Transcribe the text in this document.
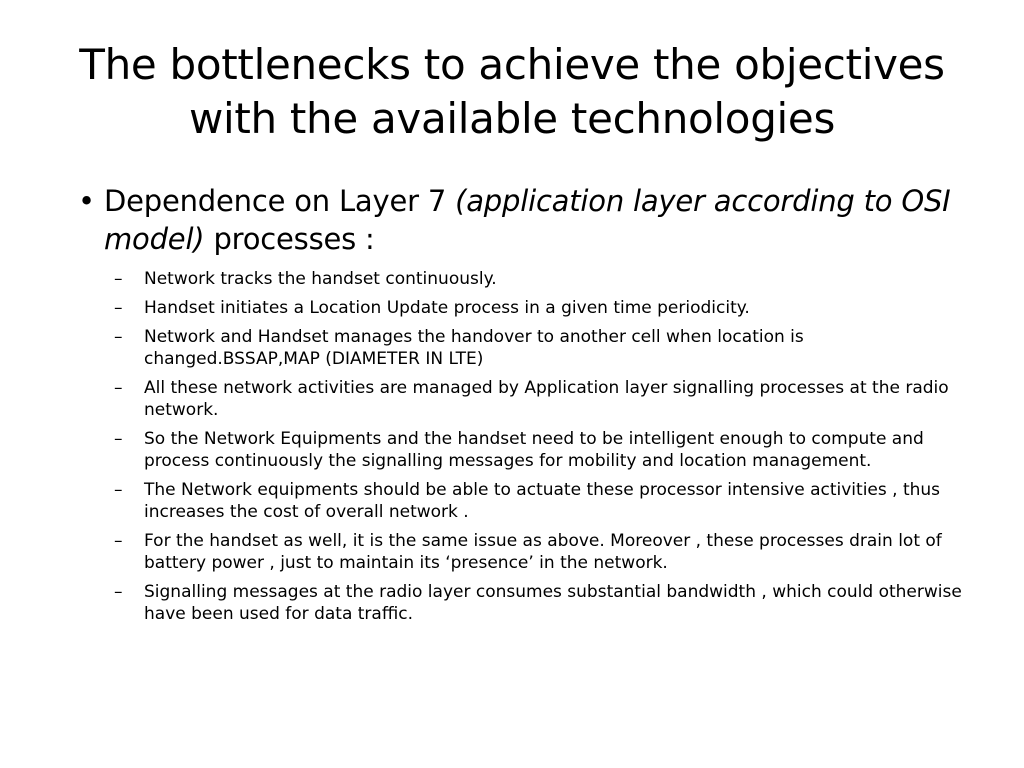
The bottlenecks to achieve the objectives with the available technologies
• Dependence on Layer 7 (application layer according to OSI model) processes :
– Network tracks the handset continuously.
– Handset initiates a Location Update process in a given time periodicity.
– Network and Handset manages the handover to another cell when location is changed.BSSAP,MAP (DIAMETER IN LTE)
– All these network activities are managed by Application layer signalling processes at the radio network.
– So the Network Equipments and the handset need to be intelligent enough to compute and process continuously the signalling messages for mobility and location management.
– The Network equipments should be able to actuate these processor intensive activities , thus increases the cost of overall network .
– For the handset as well, it is the same issue as above. Moreover , these processes drain lot of battery power , just to maintain its ‘presence’ in the network.
– Signalling messages at the radio layer consumes substantial bandwidth , which could otherwise have been used for data traffic.
